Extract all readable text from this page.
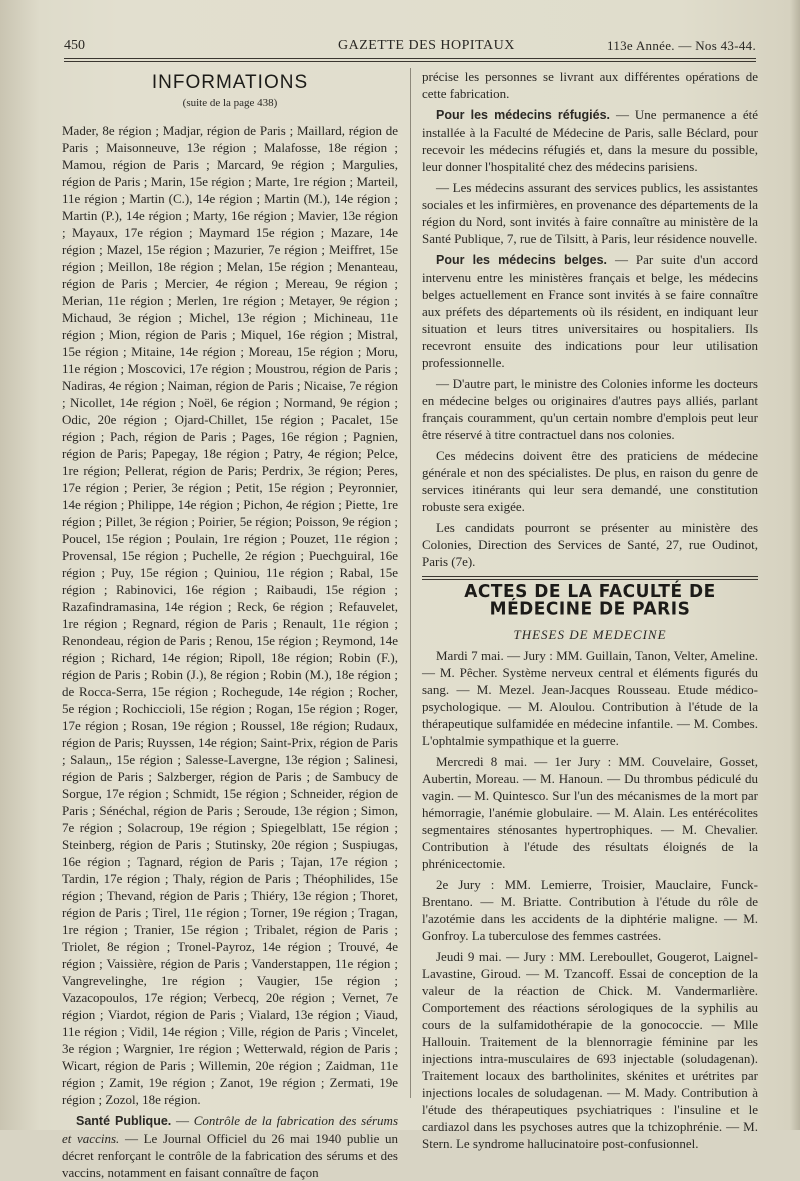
450	GAZETTE DES HOPITAUX	113e Année. — Nos 43-44.
INFORMATIONS
(suite de la page 438)

Mader, 8e région ; Madjar, région de Paris ; Maillard, région de Paris ; Maisonneuve, 13e région ; Malafosse, 18e région ; Mamou, région de Paris ; Marcard, 9e région ; Margulies, région de Paris ; Marin, 15e région ; Marte, 1re région ; Marteil, 11e région ; Martin (C.), 14e région ; Martin (M.), 14e région ; Martin (P.), 14e région ; Marty, 16e région ; Mavier, 13e région ; Mayaux, 17e région ; Maymard 15e région ; Mazare, 14e région ; Mazel, 15e région ; Mazurier, 7e région ; Meiffret, 15e région ; Meillon, 18e région ; Melan, 15e région ; Menanteau, région de Paris ; Mercier, 4e région ; Mereau, 9e région ; Merian, 11e région ; Merlen, 1re région ; Metayer, 9e région ; Michaud, 3e région ; Michel, 13e région ; Michineau, 11e région ; Mion, région de Paris ; Miquel, 16e région ; Mistral, 15e région ; Mitaine, 14e région ; Moreau, 15e région ; Moru, 11e région ; Moscovici, 17e région ; Moustrou, région de Paris ; Nadiras, 4e région ; Naiman, région de Paris ; Nicaise, 7e région ; Nicollet, 14e région ; Noël, 6e région ; Normand, 9e région ; Odic, 20e région ; Ojard-Chillet, 15e région ; Pacalet, 15e région ; Pach, région de Paris ; Pages, 16e région ; Pagnien, région de Paris; Papegay, 18e région ; Patry, 4e région; Pelce, 1re région; Pellerat, région de Paris; Perdrix, 3e région; Peres, 17e région ; Perier, 3e région ; Petit, 15e région ; Peyronnier, 14e région ; Philippe, 14e région ; Pichon, 4e région ; Piette, 1re région ; Pillet, 3e région ; Poirier, 5e région; Poisson, 9e région ; Poucel, 15e région ; Poulain, 1re région ; Pouzet, 11e région ; Provensal, 15e région ; Puchelle, 2e région ; Puechguiral, 16e région ; Puy, 15e région ; Quiniou, 11e région ; Rabal, 15e région ; Rabinovici, 16e région ; Raibaudi, 15e région ; Razafindramasina, 14e région ; Reck, 6e région ; Refauvelet, 1re région ; Regnard, région de Paris ; Renault, 11e région ; Renondeau, région de Paris ; Renou, 15e région ; Reymond, 14e région ; Richard, 14e région; Ripoll, 18e région; Robin (F.), région de Paris ; Robin (J.), 8e région ; Robin (M.), 18e région ; de Rocca-Serra, 15e région ; Rochegude, 14e région ; Rocher, 5e région ; Rochiccioli, 15e région ; Rogan, 15e région ; Roger, 17e région ; Rosan, 19e région ; Roussel, 18e région; Rudaux, région de Paris; Ruyssen, 14e région; Saint-Prix, région de Paris ; Salaun,, 15e région ; Salesse-Lavergne, 13e région ; Salinesi, région de Paris ; Salzberger, région de Paris ; de Sambucy de Sorgue, 17e région ; Schmidt, 15e région ; Schneider, région de Paris ; Sénéchal, région de Paris ; Seroude, 13e région ; Simon, 7e région ; Solacroup, 19e région ; Spiegelblatt, 15e région ; Steinberg, région de Paris ; Stutinsky, 20e région ; Suspiugas, 16e région ; Tagnard, région de Paris ; Tajan, 17e région ; Tardin, 17e région ; Thaly, région de Paris ; Théophilides, 15e région ; Thevand, région de Paris ; Thiéry, 13e région ; Thoret, région de Paris ; Tirel, 11e région ; Torner, 19e région ; Tragan, 1re région ; Tranier, 15e région ; Tribalet, région de Paris ; Triolet, 8e région ; Tronel-Payroz, 14e région ; Trouvé, 4e région ; Vaissière, région de Paris ; Vanderstappen, 11e région ; Vangrevelinghe, 1re région ; Vaugier, 15e région ; Vazacopoulos, 17e région; Verbecq, 20e région ; Vernet, 7e région ; Viardot, région de Paris ; Vialard, 13e région ; Viaud, 11e région ; Vidil, 14e région ; Ville, région de Paris ; Vincelet, 3e région ; Wargnier, 1re région ; Wetterwald, région de Paris ; Wicart, région de Paris ; Willemin, 20e région ; Zaidman, 11e région ; Zamit, 19e région ; Zanot, 19e région ; Zermati, 19e région ; Zozol, 18e région.

Santé Publique. — Contrôle de la fabrication des sérums et vaccins. — Le Journal Officiel du 26 mai 1940 publie un décret renforçant le contrôle de la fabrication des sérums et des vaccins, notamment en faisant connaître de façon

précise les personnes se livrant aux différentes opérations de cette fabrication.

Pour les médecins réfugiés. — Une permanence a été installée à la Faculté de Médecine de Paris, salle Béclard, pour recevoir les médecins réfugiés et, dans la mesure du possible, leur donner l'hospitalité chez des médecins parisiens.

— Les médecins assurant des services publics, les assistantes sociales et les infirmières, en provenance des départements de la région du Nord, sont invités à faire connaître au ministère de la Santé Publique, 7, rue de Tilsitt, à Paris, leur résidence nouvelle.

Pour les médecins belges. — Par suite d'un accord intervenu entre les ministères français et belge, les médecins belges actuellement en France sont invités à se faire connaître aux préfets des départements où ils résident, en indiquant leur situation et leurs titres universitaires ou hospitaliers. Ils recevront ensuite des indications pour leur utilisation professionnelle.

— D'autre part, le ministre des Colonies informe les docteurs en médecine belges ou originaires d'autres pays alliés, parlant français couramment, qu'un certain nombre d'emplois peut leur être réservé à titre contractuel dans nos colonies.

Ces médecins doivent être des praticiens de médecine générale et non des spécialistes. De plus, en raison du genre de services itinérants qui leur sera demandé, une constitution robuste sera exigée.

Les candidats pourront se présenter au ministère des Colonies, Direction des Services de Santé, 27, rue Oudinot, Paris (7e).

ACTES DE LA FACULTÉ DE MÉDECINE DE PARIS
THESES DE MEDECINE

Mardi 7 mai. — Jury : MM. Guillain, Tanon, Velter, Ameline. — M. Pêcher. Système nerveux central et éléments figurés du sang. — M. Mezel. Jean-Jacques Rousseau. Etude médico-psychologique. — M. Aloulou. Contribution à l'étude de la thérapeutique sulfamidée en médecine infantile. — M. Combes. L'ophtalmie sympathique et la guerre.

Mercredi 8 mai. — 1er Jury : MM. Couvelaire, Gosset, Aubertin, Moreau. — M. Hanoun. — Du thrombus pédiculé du vagin. — M. Quintesco. Sur l'un des mécanismes de la mort par hémorragie, l'anémie globulaire. — M. Alain. Les entérécolites segmentaires sténosantes hypertrophiques. — M. Chevalier. Contribution à l'étude des résultats éloignés de la phrénicectomie.

2e Jury : MM. Lemierre, Troisier, Mauclaire, Funck-Brentano. — M. Briatte. Contribution à l'étude du rôle de l'azotémie dans les accidents de la diphtérie maligne. — M. Gonfroy. La tuberculose des femmes castrées.

Jeudi 9 mai. — Jury : MM. Lereboullet, Gougerot, Laignel-Lavastine, Giroud. — M. Tzancoff. Essai de conception de la valeur de la réaction de Chick. M. Vandermarlière. Comportement des réactions sérologiques de la syphilis au cours de la sulfamidothérapie de la gonococcie. — Mlle Hallouin. Traitement de la blennorragie féminine par les injections intra-musculaires de 693 injectable (soludagenan). Traitement locaux des bartholinites, skénites et urétrites par injections locales de soludagenan. — M. Mady. Contribution à l'étude des thérapeutiques psychiatriques : l'insuline et le cardiazol dans les psychoses autres que la tchizophrénie. — M. Stern. Le syndrome hallucinatoire post-confusionnel.
